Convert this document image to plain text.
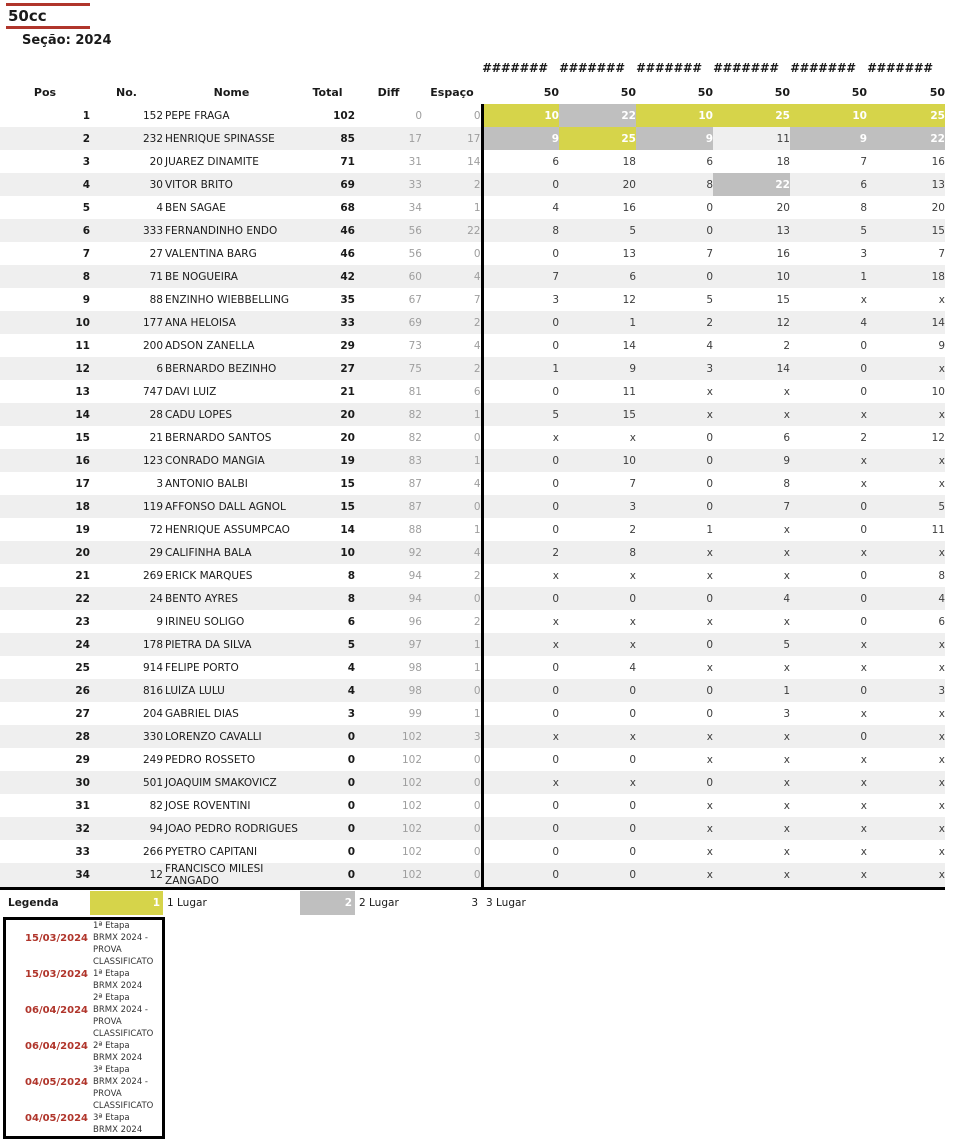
50cc
Seção: 2024
						#######	#######	#######	#######	#######	#######
Pos	No.	Nome	Total	Diff	Espaço	50	50	50	50	50	50
1	152	PEPE FRAGA	102	0	0	10	22	10	25	10	25
2	232	HENRIQUE SPINASSE	85	17	17	9	25	9	11	9	22
3	20	JUAREZ DINAMITE	71	31	14	6	18	6	18	7	16
4	30	VITOR BRITO	69	33	2	0	20	8	22	6	13
5	4	BEN SAGAE	68	34	1	4	16	0	20	8	20
6	333	FERNANDINHO ENDO	46	56	22	8	5	0	13	5	15
7	27	VALENTINA BARG	46	56	0	0	13	7	16	3	7
8	71	BE NOGUEIRA	42	60	4	7	6	0	10	1	18
9	88	ENZINHO WIEBBELLING	35	67	7	3	12	5	15	x	x
10	177	ANA HELOISA	33	69	2	0	1	2	12	4	14
11	200	ADSON ZANELLA	29	73	4	0	14	4	2	0	9
12	6	BERNARDO BEZINHO	27	75	2	1	9	3	14	0	x
13	747	DAVI LUIZ	21	81	6	0	11	x	x	0	10
14	28	CADU LOPES	20	82	1	5	15	x	x	x	x
15	21	BERNARDO SANTOS	20	82	0	x	x	0	6	2	12
16	123	CONRADO MANGIA	19	83	1	0	10	0	9	x	x
17	3	ANTONIO BALBI	15	87	4	0	7	0	8	x	x
18	119	AFFONSO DALL AGNOL	15	87	0	0	3	0	7	0	5
19	72	HENRIQUE ASSUMPCAO	14	88	1	0	2	1	x	0	11
20	29	CALIFINHA BALA	10	92	4	2	8	x	x	x	x
21	269	ERICK MARQUES	8	94	2	x	x	x	x	0	8
22	24	BENTO AYRES	8	94	0	0	0	0	4	0	4
23	9	IRINEU SOLIGO	6	96	2	x	x	x	x	0	6
24	178	PIETRA DA SILVA	5	97	1	x	x	0	5	x	x
25	914	FELIPE PORTO	4	98	1	0	4	x	x	x	x
26	816	LUÍZA LULU	4	98	0	0	0	0	1	0	3
27	204	GABRIEL DIAS	3	99	1	0	0	0	3	x	x
28	330	LORENZO CAVALLI	0	102	3	x	x	x	x	0	x
29	249	PEDRO ROSSETO	0	102	0	0	0	x	x	x	x
30	501	JOAQUIM SMAKOVICZ	0	102	0	x	x	0	x	x	x
31	82	JOSE ROVENTINI	0	102	0	0	0	x	x	x	x
32	94	JOAO PEDRO RODRIGUES	0	102	0	0	0	x	x	x	x
33	266	PYETRO CAPITANI	0	102	0	0	0	x	x	x	x
34	12	FRANCISCO MILESI ZANGADO	0	102	0	0	0	x	x	x	x
Legenda	1 1 Lugar	2 2 Lugar	3 3 Lugar
15/03/2024
1ª Etapa
BRMX 2024 -
PROVA
15/03/2024
CLASSIFICATO
1ª Etapa
BRMX 2024
06/04/2024
2ª Etapa
BRMX 2024 -
PROVA
06/04/2024
CLASSIFICATO
2ª Etapa
BRMX 2024
04/05/2024
3ª Etapa
BRMX 2024 -
PROVA
04/05/2024
CLASSIFICATO
3ª Etapa
BRMX 2024
